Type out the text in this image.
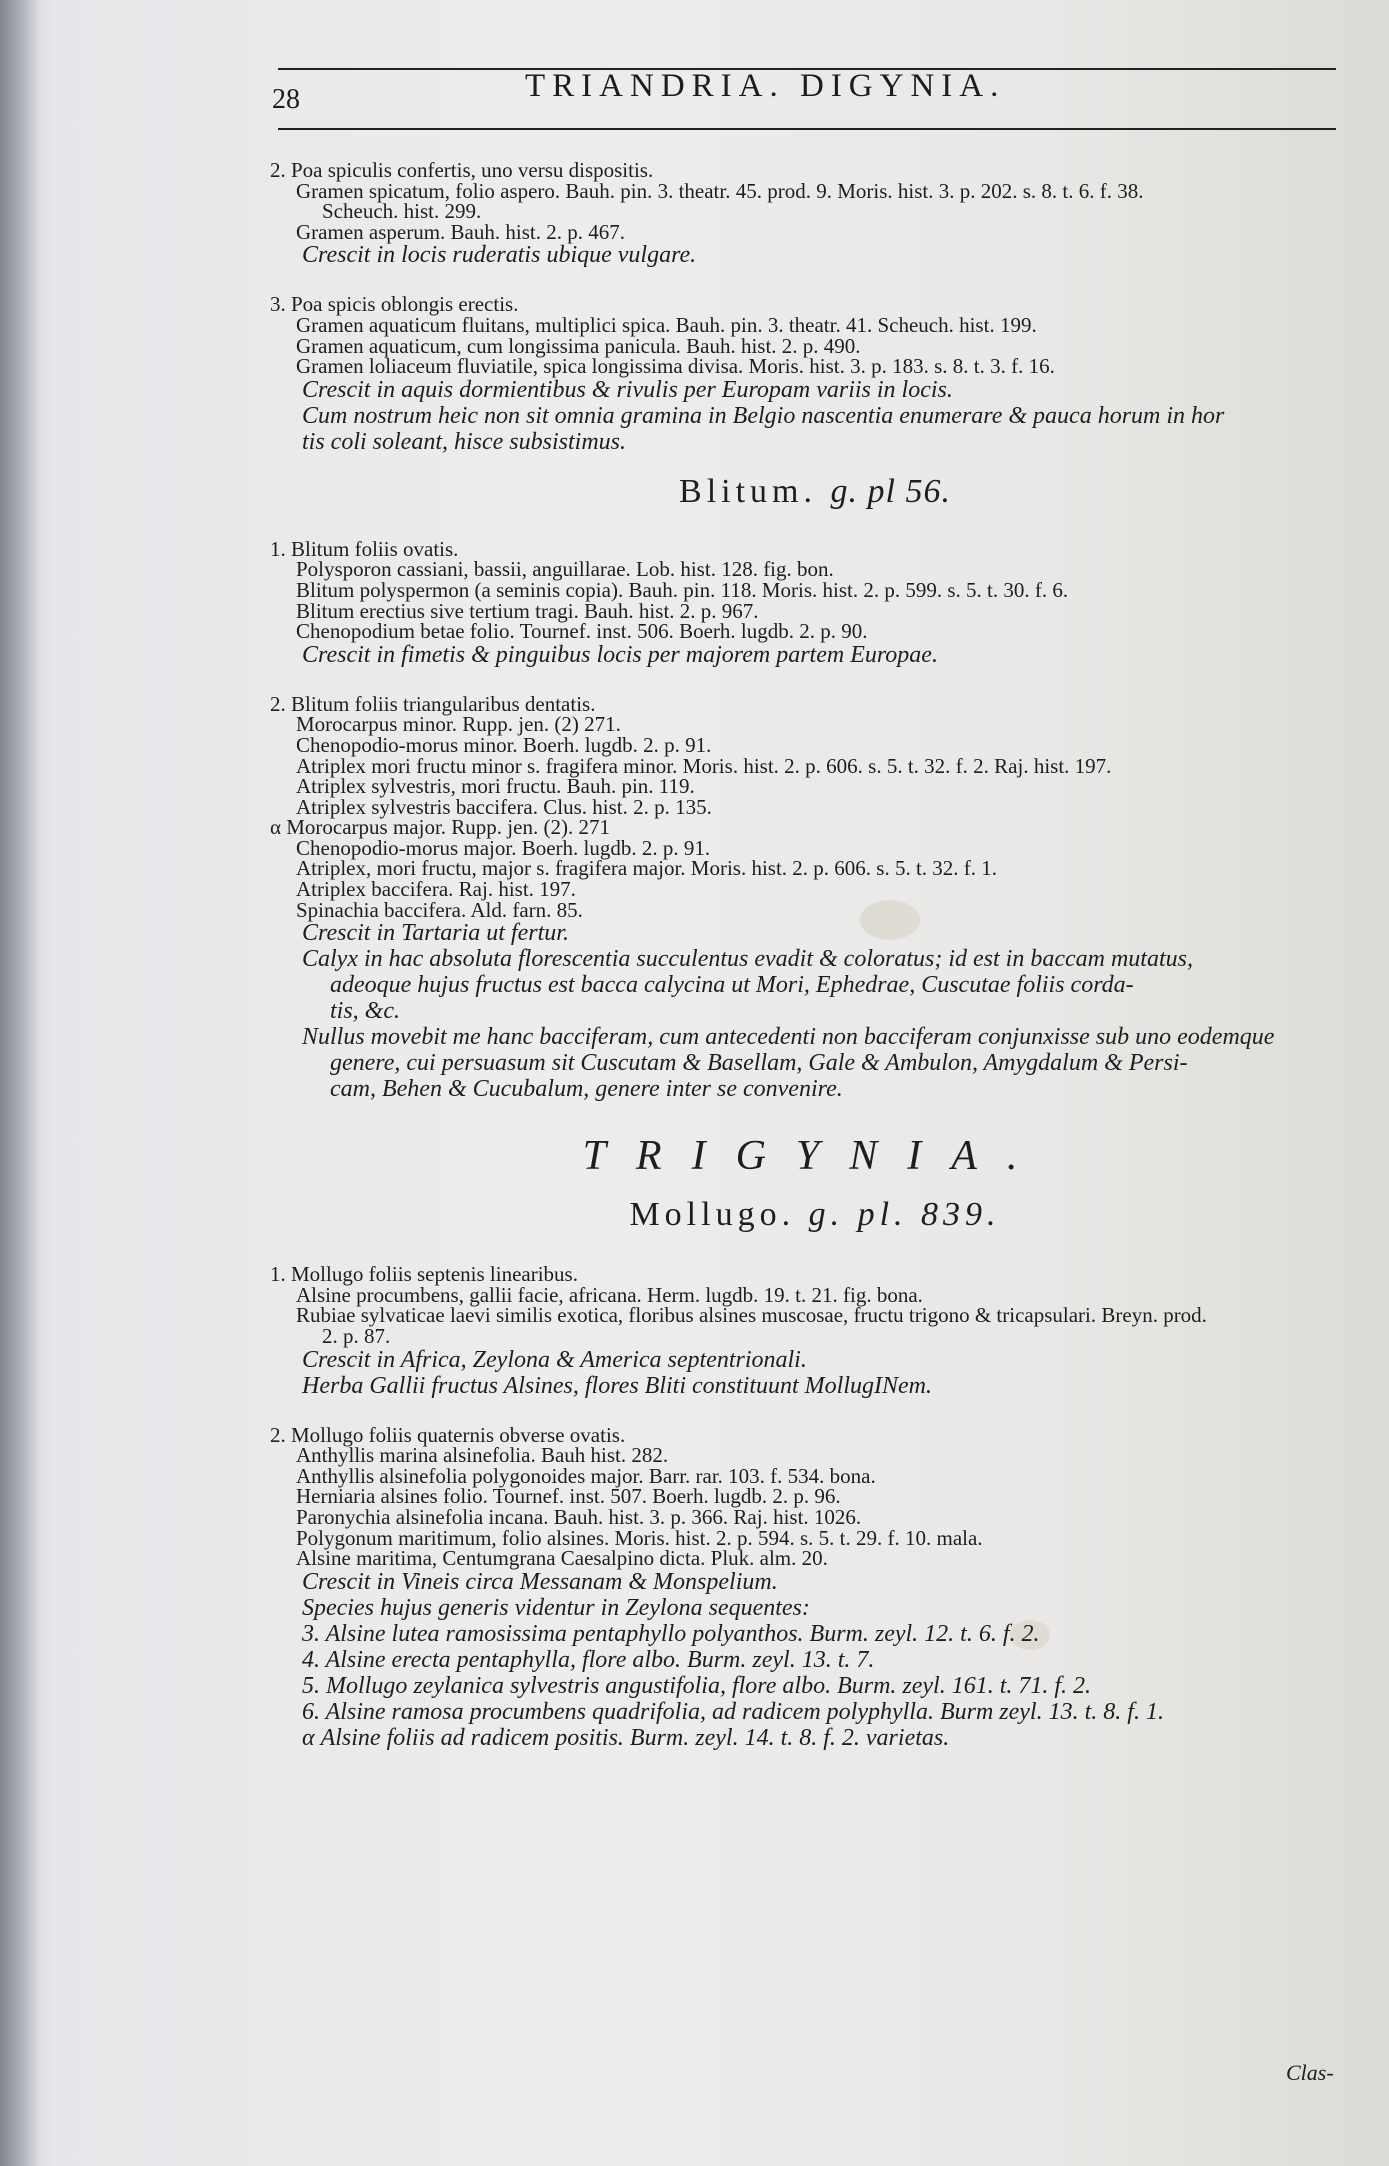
28	TRIANDRIA. DIGYNIA.
2. Poa spiculis confertis, uno versu dispositis.
Gramen spicatum, folio aspero. Bauh. pin. 3. theatr. 45. prod. 9. Moris. hist. 3. p. 202. s. 8. t. 6. f. 38.
Scheuch. hist. 299.
Gramen asperum. Bauh. hist. 2. p. 467.
Crescit in locis ruderatis ubique vulgare.
3. Poa spicis oblongis erectis.
Gramen aquaticum fluitans, multiplici spica. Bauh. pin. 3. theatr. 41. Scheuch. hist. 199.
Gramen aquaticum, cum longissima panicula. Bauh. hist. 2. p. 490.
Gramen loliaceum fluviatile, spica longissima divisa. Moris. hist. 3. p. 183. s. 8. t. 3. f. 16.
Crescit in aquis dormientibus & rivulis per Europam variis in locis.
Cum nostrum heic non sit omnia gramina in Belgio nascentia enumerare & pauca horum in hor
tis coli soleant, hisce subsistimus.
Blitum. g. pl 56.
1. Blitum foliis ovatis.
Polysporon cassiani, bassii, anguillarae. Lob. hist. 128. fig. bon.
Blitum polyspermon (a seminis copia). Bauh. pin. 118. Moris. hist. 2. p. 599. s. 5. t. 30. f. 6.
Blitum erectius sive tertium tragi. Bauh. hist. 2. p. 967.
Chenopodium betae folio. Tournef. inst. 506. Boerh. lugdb. 2. p. 90.
Crescit in fimetis & pinguibus locis per majorem partem Europae.
2. Blitum foliis triangularibus dentatis.
Morocarpus minor. Rupp. jen. (2) 271.
Chenopodio-morus minor. Boerh. lugdb. 2. p. 91.
Atriplex mori fructu minor s. fragifera minor. Moris. hist. 2. p. 606. s. 5. t. 32. f. 2. Raj. hist. 197.
Atriplex sylvestris, mori fructu. Bauh. pin. 119.
Atriplex sylvestris baccifera. Clus. hist. 2. p. 135.
α Morocarpus major. Rupp. jen. (2). 271
Chenopodio-morus major. Boerh. lugdb. 2. p. 91.
Atriplex, mori fructu, major s. fragifera major. Moris. hist. 2. p. 606. s. 5. t. 32. f. 1.
Atriplex baccifera. Raj. hist. 197.
Spinachia baccifera. Ald. farn. 85.
Crescit in Tartaria ut fertur.
Calyx in hac absoluta florescentia succulentus evadit & coloratus; id est in baccam mutatus,
adeoque hujus fructus est bacca calycina ut Mori, Ephedrae, Cuscutae foliis corda-
tis, &c.
Nullus movebit me hanc bacciferam, cum antecedenti non bacciferam conjunxisse sub uno eodemque
genere, cui persuasum sit Cuscutam & Basellam, Gale & Ambulon, Amygdalum & Persi-
cam, Behen & Cucubalum, genere inter se convenire.
TRIGYNIA.
Mollugo. g. pl. 839.
1. Mollugo foliis septenis linearibus.
Alsine procumbens, gallii facie, africana. Herm. lugdb. 19. t. 21. fig. bona.
Rubiae sylvaticae laevi similis exotica, floribus alsines muscosae, fructu trigono & tricapsulari. Breyn. prod.
2. p. 87.
Crescit in Africa, Zeylona & America septentrionali.
Herba Gallii fructus Alsines, flores Bliti constituunt MollugINem.
2. Mollugo foliis quaternis obverse ovatis.
Anthyllis marina alsinefolia. Bauh hist. 282.
Anthyllis alsinefolia polygonoides major. Barr. rar. 103. f. 534. bona.
Herniaria alsines folio. Tournef. inst. 507. Boerh. lugdb. 2. p. 96.
Paronychia alsinefolia incana. Bauh. hist. 3. p. 366. Raj. hist. 1026.
Polygonum maritimum, folio alsines. Moris. hist. 2. p. 594. s. 5. t. 29. f. 10. mala.
Alsine maritima, Centumgrana Caesalpino dicta. Pluk. alm. 20.
Crescit in Vineis circa Messanam & Monspelium.
Species hujus generis videntur in Zeylona sequentes:
3. Alsine lutea ramosissima pentaphyllo polyanthos. Burm. zeyl. 12. t. 6. f. 2.
4. Alsine erecta pentaphylla, flore albo. Burm. zeyl. 13. t. 7.
5. Mollugo zeylanica sylvestris angustifolia, flore albo. Burm. zeyl. 161. t. 71. f. 2.
6. Alsine ramosa procumbens quadrifolia, ad radicem polyphylla. Burm zeyl. 13. t. 8. f. 1.
α Alsine foliis ad radicem positis. Burm. zeyl. 14. t. 8. f. 2. varietas.
Clas-
